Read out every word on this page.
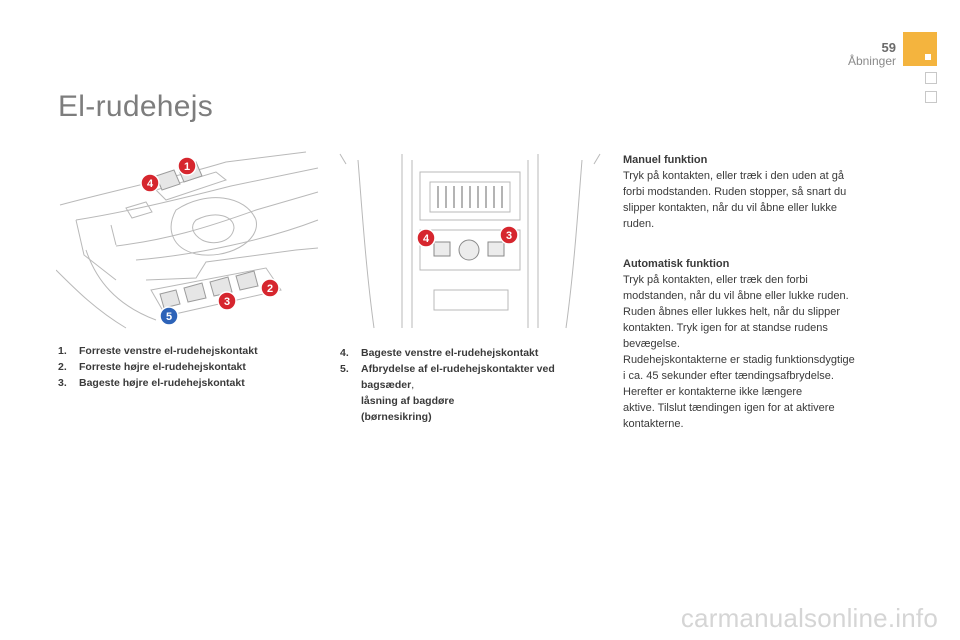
59
Åbninger
El-rudehejs
1
4
2
3
5
4	3
1.	Forreste venstre el-rudehejskontakt
2.	Forreste højre el-rudehejskontakt
3.	Bageste højre el-rudehejskontakt
4.	Bageste venstre el-rudehejskontakt
5.	Afbrydelse af el-rudehejskontakter ved
bagsæder,
låsning af bagdøre
(børnesikring)

Manuel funktion

Tryk på kontakten, eller træk i den uden at gå

forbi modstanden. Ruden stopper, så snart du

slipper kontakten, når du vil åbne eller lukke

ruden.

Automatisk funktion

Tryk på kontakten, eller træk den forbi

modstanden, når du vil åbne eller lukke ruden.

Ruden åbnes eller lukkes helt, når du slipper

kontakten. Tryk igen for at standse rudens

bevægelse.

Rudehejskontakterne er stadig funktionsdygtige

i ca. 45 sekunder efter tændingsafbrydelse.

Herefter er kontakterne ikke længere

aktive. Tilslut tændingen igen for at aktivere

kontakterne.

carmanualsonline.info
